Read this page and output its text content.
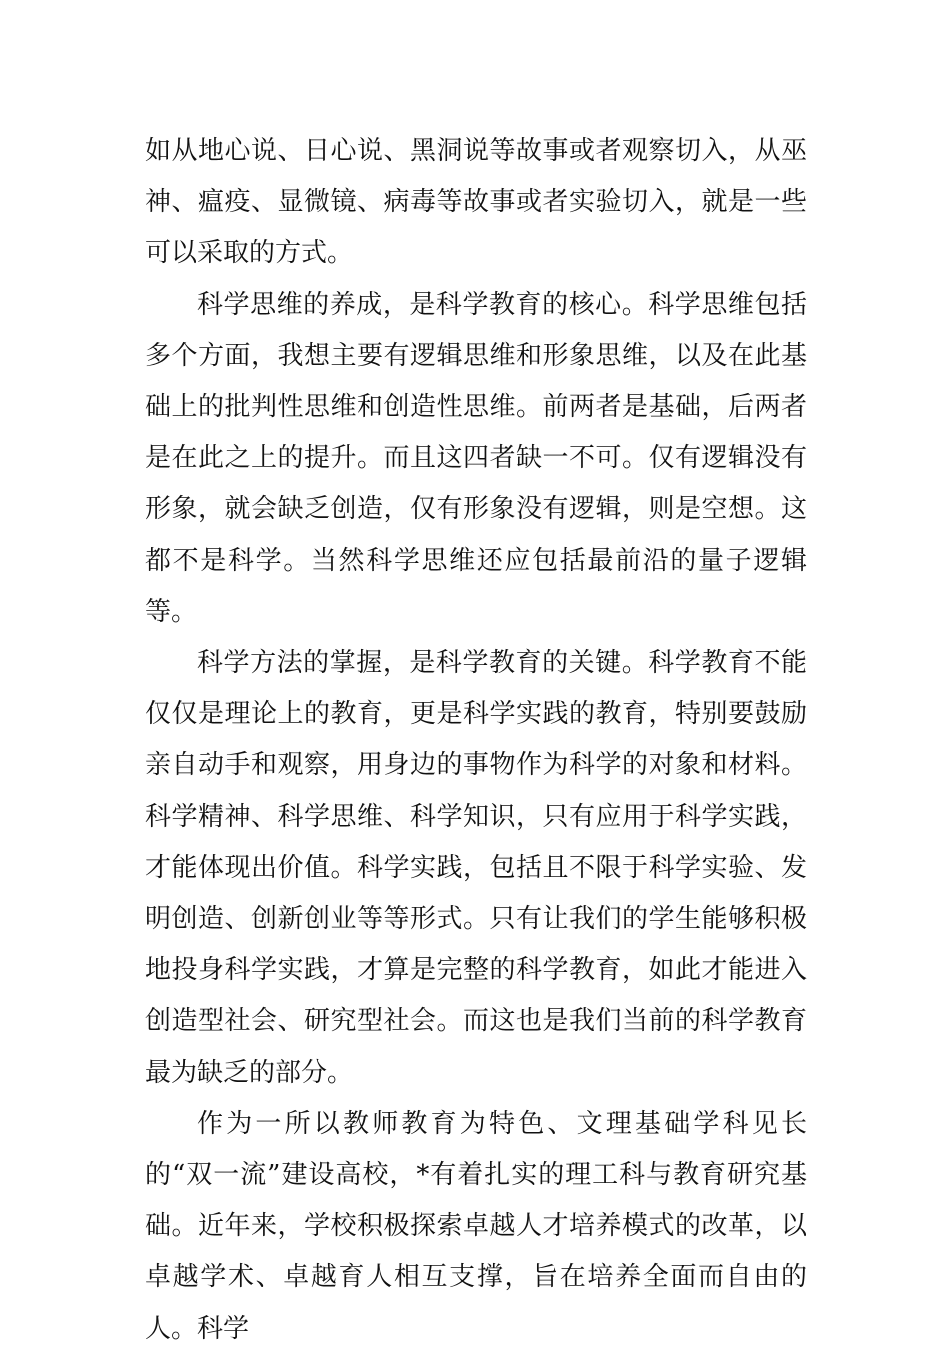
如从地心说、日心说、黑洞说等故事或者观察切入，从巫神、瘟疫、显微镜、病毒等故事或者实验切入，就是一些可以采取的方式。

科学思维的养成，是科学教育的核心。科学思维包括多个方面，我想主要有逻辑思维和形象思维，以及在此基础上的批判性思维和创造性思维。前两者是基础，后两者是在此之上的提升。而且这四者缺一不可。仅有逻辑没有形象，就会缺乏创造，仅有形象没有逻辑，则是空想。这都不是科学。当然科学思维还应包括最前沿的量子逻辑等。

科学方法的掌握，是科学教育的关键。科学教育不能仅仅是理论上的教育，更是科学实践的教育，特别要鼓励亲自动手和观察，用身边的事物作为科学的对象和材料。科学精神、科学思维、科学知识，只有应用于科学实践，才能体现出价值。科学实践，包括且不限于科学实验、发明创造、创新创业等等形式。只有让我们的学生能够积极地投身科学实践，才算是完整的科学教育，如此才能进入创造型社会、研究型社会。而这也是我们当前的科学教育最为缺乏的部分。

作为一所以教师教育为特色、文理基础学科见长的“双一流”建设高校，*有着扎实的理工科与教育研究基础。近年来，学校积极探索卓越人才培养模式的改革，以卓越学术、卓越育人相互支撑，旨在培养全面而自由的人。科学
